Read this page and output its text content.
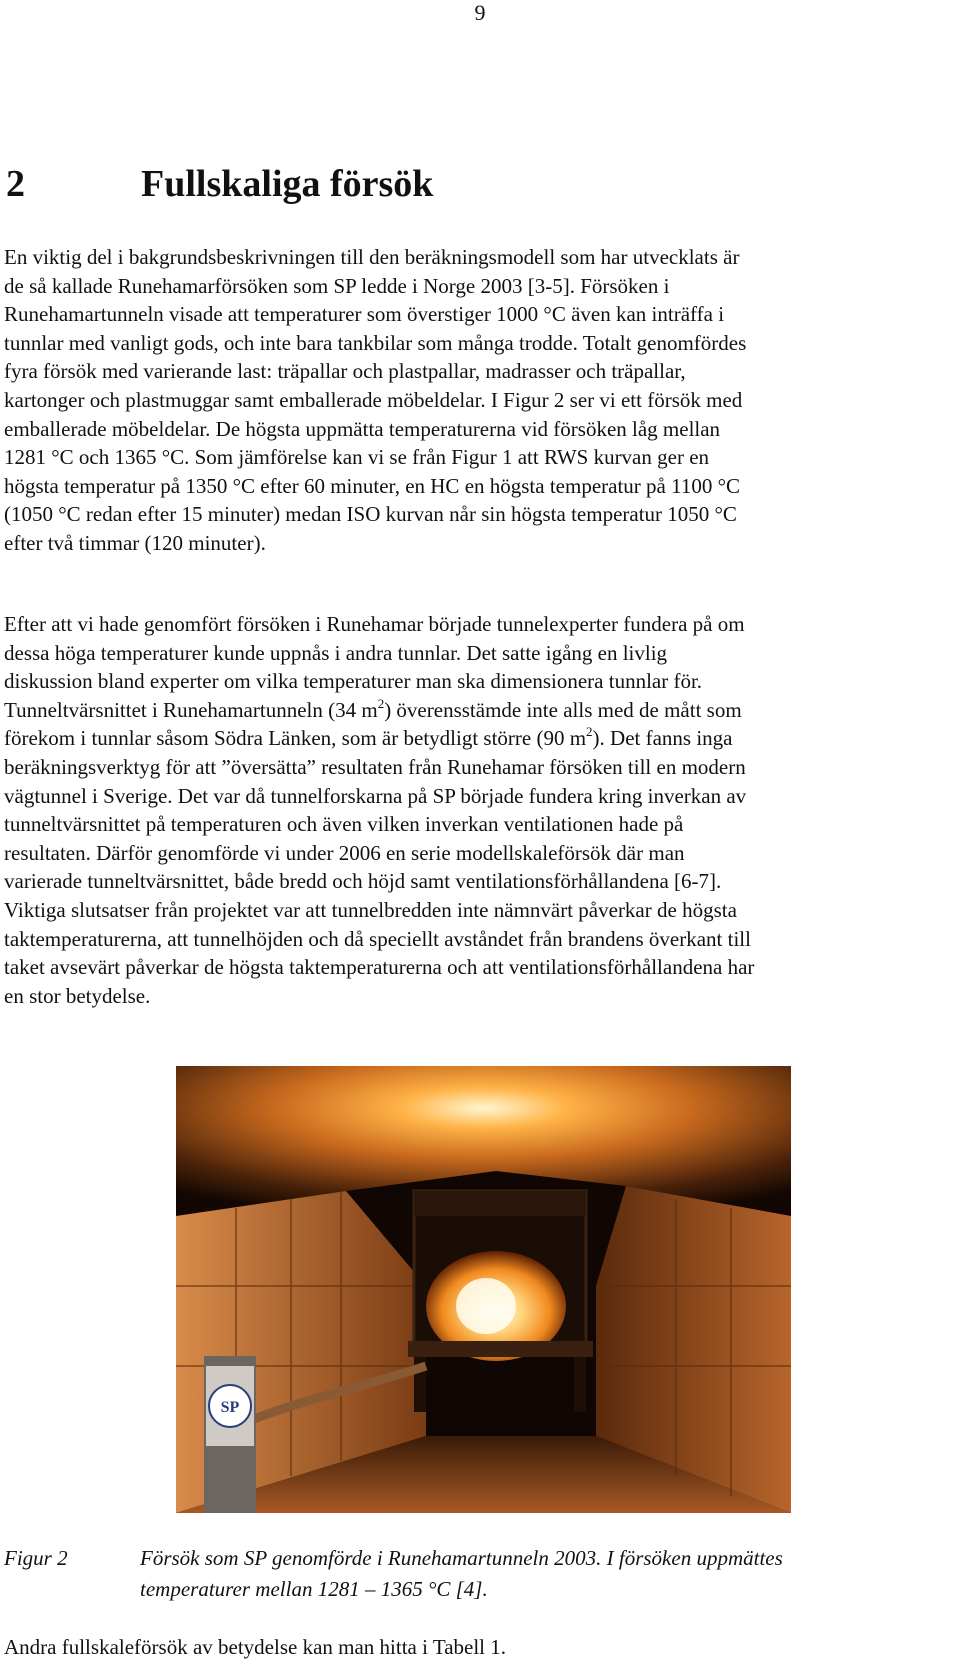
9
2	Fullskaliga försök
En viktig del i bakgrundsbeskrivningen till den beräkningsmodell som har utvecklats är
de så kallade Runehamarförsöken som SP ledde i Norge 2003 [3-5]. Försöken i
Runehamartunneln visade att temperaturer som överstiger 1000 °C även kan inträffa i
tunnlar med vanligt gods, och inte bara tankbilar som många trodde. Totalt genomfördes
fyra försök med varierande last: träpallar och plastpallar, madrasser och träpallar,
kartonger och plastmuggar samt emballerade möbeldelar. I Figur 2 ser vi ett försök med
emballerade möbeldelar. De högsta uppmätta temperaturerna vid försöken låg mellan
1281 °C och 1365 °C. Som jämförelse kan vi se från Figur 1 att RWS kurvan ger en
högsta temperatur på 1350 °C efter 60 minuter, en HC en högsta temperatur på 1100 °C
(1050 °C redan efter 15 minuter) medan ISO kurvan når sin högsta temperatur 1050 °C
efter två timmar (120 minuter).
Efter att vi hade genomfört försöken i Runehamar började tunnelexperter fundera på om
dessa höga temperaturer kunde uppnås i andra tunnlar. Det satte igång en livlig
diskussion bland experter om vilka temperaturer man ska dimensionera tunnlar för.
Tunneltvärsnittet i Runehamartunneln (34 $m^2$) överensstämde inte alls med de mått som
förekom i tunnlar såsom Södra Länken, som är betydligt större (90 $m^2$). Det fanns inga
beräkningsverktyg för att ”översätta” resultaten från Runehamar försöken till en modern
vägtunnel i Sverige. Det var då tunnelforskarna på SP började fundera kring inverkan av
tunneltvärsnittet på temperaturen och även vilken inverkan ventilationen hade på
resultaten. Därför genomförde vi under 2006 en serie modellskaleförsök där man
varierade tunneltvärsnittet, både bredd och höjd samt ventilationsförhållandena [6-7].
Viktiga slutsatser från projektet var att tunnelbredden inte nämnvärt påverkar de högsta
taktemperaturerna, att tunnelhöjden och då speciellt avståndet från brandens överkant till
taket avsevärt påverkar de högsta taktemperaturerna och att ventilationsförhållandena har
en stor betydelse.
SP
Figur 2	Försök som SP genomförde i Runehamartunneln 2003. I försöken uppmättes
temperaturer mellan 1281 – 1365 °C [4].
Andra fullskaleförsök av betydelse kan man hitta i Tabell 1.
